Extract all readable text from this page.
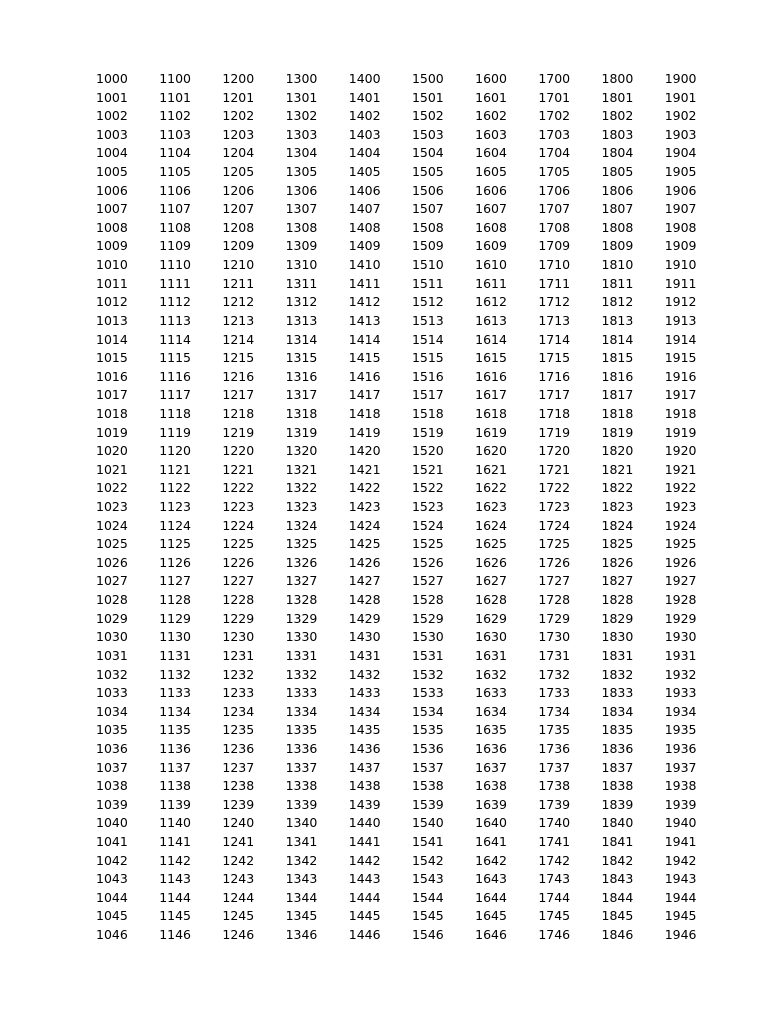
1000
1001
1002
1003
1004
1005
1006
1007
1008
1009
1010
1011
1012
1013
1014
1015
1016
1017
1018
1019
1020
1021
1022
1023
1024
1025
1026
1027
1028
1029
1030
1031
1032
1033
1034
1035
1036
1037
1038
1039
1040
1041
1042
1043
1044
1045
1046
1100
1101
1102
1103
1104
1105
1106
1107
1108
1109
1110
1111
1112
1113
1114
1115
1116
1117
1118
1119
1120
1121
1122
1123
1124
1125
1126
1127
1128
1129
1130
1131
1132
1133
1134
1135
1136
1137
1138
1139
1140
1141
1142
1143
1144
1145
1146
1200
1201
1202
1203
1204
1205
1206
1207
1208
1209
1210
1211
1212
1213
1214
1215
1216
1217
1218
1219
1220
1221
1222
1223
1224
1225
1226
1227
1228
1229
1230
1231
1232
1233
1234
1235
1236
1237
1238
1239
1240
1241
1242
1243
1244
1245
1246
1300
1301
1302
1303
1304
1305
1306
1307
1308
1309
1310
1311
1312
1313
1314
1315
1316
1317
1318
1319
1320
1321
1322
1323
1324
1325
1326
1327
1328
1329
1330
1331
1332
1333
1334
1335
1336
1337
1338
1339
1340
1341
1342
1343
1344
1345
1346
1400
1401
1402
1403
1404
1405
1406
1407
1408
1409
1410
1411
1412
1413
1414
1415
1416
1417
1418
1419
1420
1421
1422
1423
1424
1425
1426
1427
1428
1429
1430
1431
1432
1433
1434
1435
1436
1437
1438
1439
1440
1441
1442
1443
1444
1445
1446
1500
1501
1502
1503
1504
1505
1506
1507
1508
1509
1510
1511
1512
1513
1514
1515
1516
1517
1518
1519
1520
1521
1522
1523
1524
1525
1526
1527
1528
1529
1530
1531
1532
1533
1534
1535
1536
1537
1538
1539
1540
1541
1542
1543
1544
1545
1546
1600
1601
1602
1603
1604
1605
1606
1607
1608
1609
1610
1611
1612
1613
1614
1615
1616
1617
1618
1619
1620
1621
1622
1623
1624
1625
1626
1627
1628
1629
1630
1631
1632
1633
1634
1635
1636
1637
1638
1639
1640
1641
1642
1643
1644
1645
1646
1700
1701
1702
1703
1704
1705
1706
1707
1708
1709
1710
1711
1712
1713
1714
1715
1716
1717
1718
1719
1720
1721
1722
1723
1724
1725
1726
1727
1728
1729
1730
1731
1732
1733
1734
1735
1736
1737
1738
1739
1740
1741
1742
1743
1744
1745
1746
1800
1801
1802
1803
1804
1805
1806
1807
1808
1809
1810
1811
1812
1813
1814
1815
1816
1817
1818
1819
1820
1821
1822
1823
1824
1825
1826
1827
1828
1829
1830
1831
1832
1833
1834
1835
1836
1837
1838
1839
1840
1841
1842
1843
1844
1845
1846
1900
1901
1902
1903
1904
1905
1906
1907
1908
1909
1910
1911
1912
1913
1914
1915
1916
1917
1918
1919
1920
1921
1922
1923
1924
1925
1926
1927
1928
1929
1930
1931
1932
1933
1934
1935
1936
1937
1938
1939
1940
1941
1942
1943
1944
1945
1946
